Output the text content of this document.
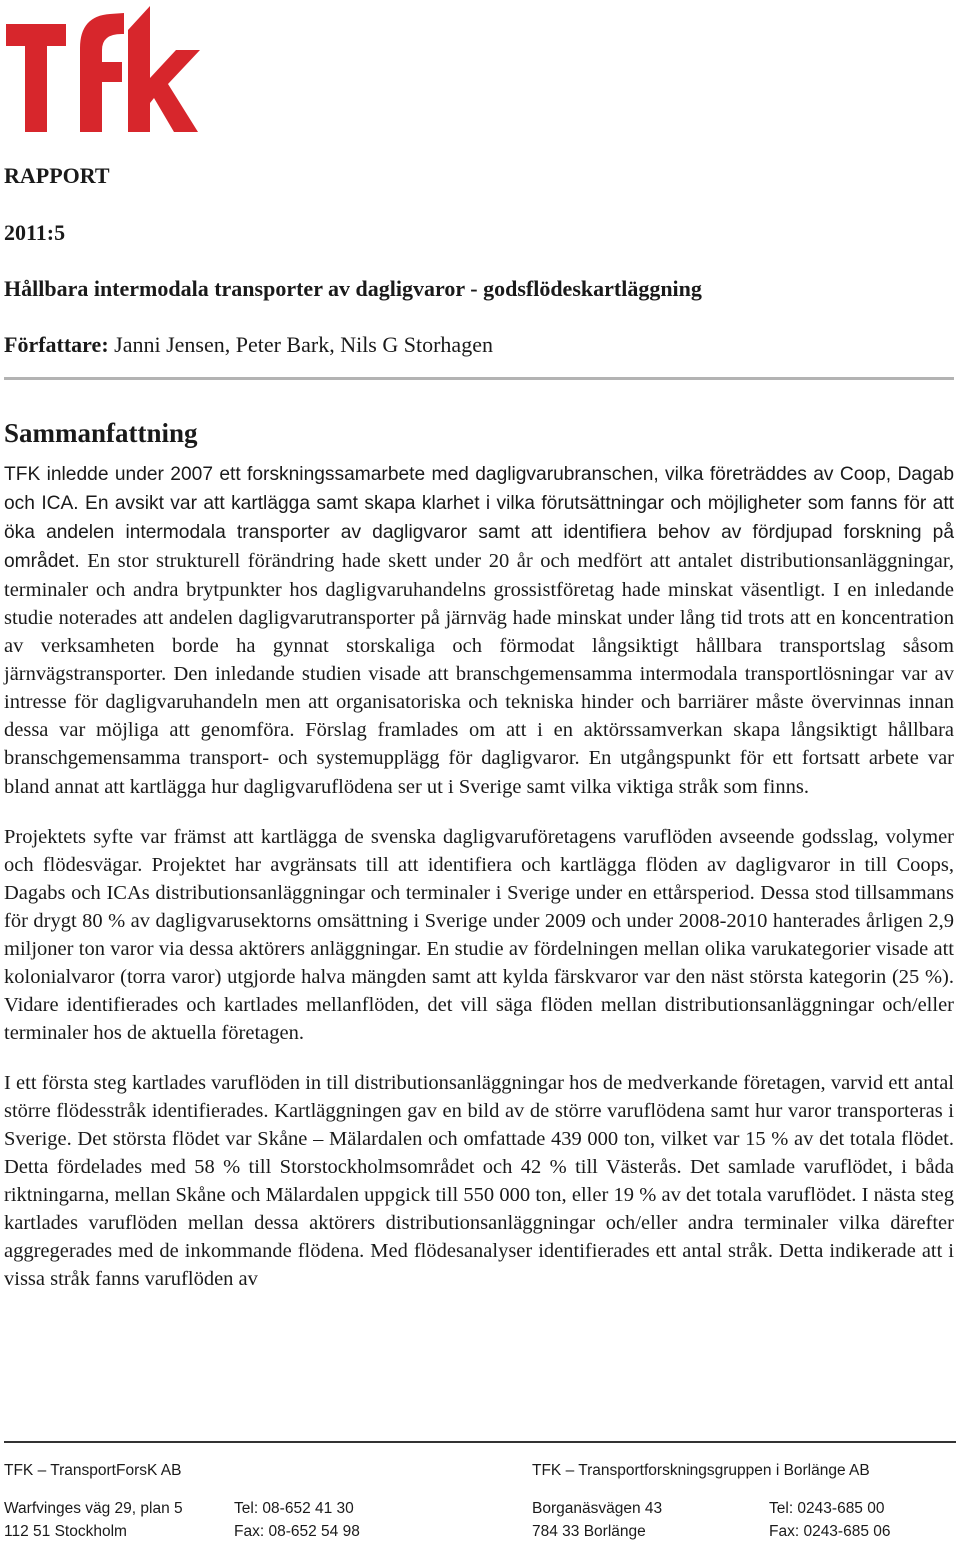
RAPPORT
2011:5
Hållbara intermodala transporter av dagligvaror - godsflödeskartläggning
Författare: Janni Jensen, Peter Bark, Nils G Storhagen
Sammanfattning

TFK inledde under 2007 ett forskningssamarbete med dagligvarubranschen, vilka företräddes av Coop, Dagab och ICA. En avsikt var att kartlägga samt skapa klarhet i vilka förutsättningar och möjligheter som fanns för att öka andelen intermodala transporter av dagligvaror samt att identifiera behov av fördjupad forskning på området. En stor strukturell förändring hade skett under 20 år och medfört att antalet distributionsanläggningar, terminaler och andra brytpunkter hos dagligvaruhandelns grossistföretag hade minskat väsentligt. I en inledande studie noterades att andelen dagligvarutransporter på järnväg hade minskat under lång tid trots att en koncentration av verksamheten borde ha gynnat storskaliga och förmodat långsiktigt hållbara transportslag såsom järnvägstransporter. Den inledande studien visade att branschgemensamma intermodala transportlösningar var av intresse för dagligvaruhandeln men att organisatoriska och tekniska hinder och barriärer måste övervinnas innan dessa var möjliga att genomföra. Förslag framlades om att i en aktörssamverkan skapa långsiktigt hållbara branschgemensamma transport- och systemupplägg för dagligvaror. En utgångspunkt för ett fortsatt arbete var bland annat att kartlägga hur dagligvaruflödena ser ut i Sverige samt vilka viktiga stråk som finns.

Projektets syfte var främst att kartlägga de svenska dagligvaruföretagens varuflöden avseende godsslag, volymer och flödesvägar. Projektet har avgränsats till att identifiera och kartlägga flöden av dagligvaror in till Coops, Dagabs och ICAs distributionsanläggningar och terminaler i Sverige under en ettårsperiod. Dessa stod tillsammans för drygt 80 % av dagligvarusektorns omsättning i Sverige under 2009 och under 2008-2010 hanterades årligen 2,9 miljoner ton varor via dessa aktörers anläggningar. En studie av fördelningen mellan olika varukategorier visade att kolonialvaror (torra varor) utgjorde halva mängden samt att kylda färskvaror var den näst största kategorin (25 %). Vidare identifierades och kartlades mellanflöden, det vill säga flöden mellan distributionsanläggningar och/eller terminaler hos de aktuella företagen.

I ett första steg kartlades varuflöden in till distributionsanläggningar hos de medverkande företagen, varvid ett antal större flödesstråk identifierades. Kartläggningen gav en bild av de större varuflödena samt hur varor transporteras i Sverige. Det största flödet var Skåne – Mälardalen och omfattade 439 000 ton, vilket var 15 % av det totala flödet. Detta fördelades med 58 % till Storstockholmsområdet och 42 % till Västerås. Det samlade varuflödet, i båda riktningarna, mellan Skåne och Mälardalen uppgick till 550 000 ton, eller 19 % av det totala varuflödet. I nästa steg kartlades varuflöden mellan dessa aktörers distributionsanläggningar och/eller andra terminaler vilka därefter aggregerades med de inkommande flödena. Med flödesanalyser identifierades ett antal stråk. Detta indikerade att i vissa stråk fanns varuflöden av

TFK – TransportForsK AB	TFK – Transportforskningsgruppen i Borlänge AB
Warfvinges väg 29, plan 5	Tel: 08-652 41 30	Borganäsvägen 43	Tel: 0243-685 00
112 51 Stockholm	Fax: 08-652 54 98	784 33 Borlänge	Fax: 0243-685 06
